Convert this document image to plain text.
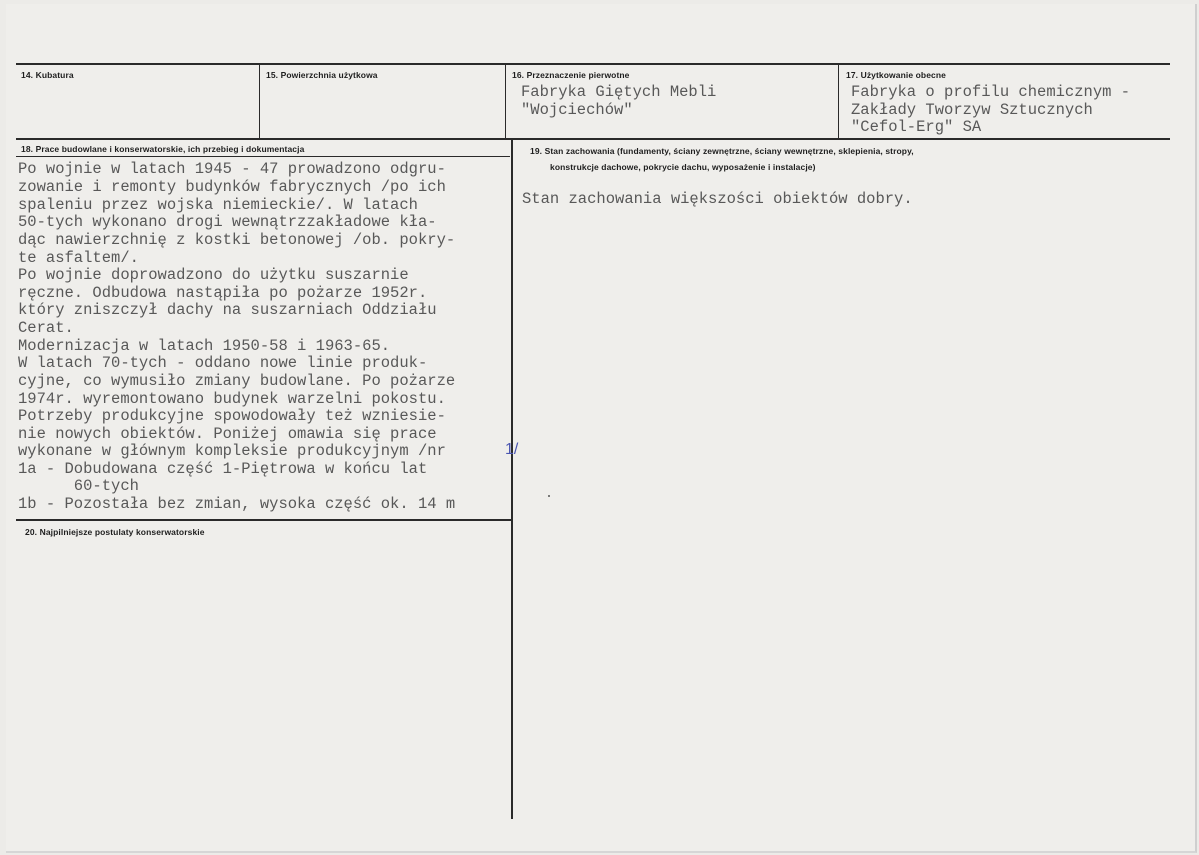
14. Kubatura	15. Powierzchnia użytkowa	16. Przeznaczenie pierwotne
Fabryka Giętych Mebli
"Wojciechów"
17. Użytkowanie obecne
Fabryka o profilu chemicznym -
Zakłady Tworzyw Sztucznych
"Cefol-Erg" SA
18. Prace budowlane i konserwatorskie, ich przebieg i dokumentacja
Po wojnie w latach 1945 - 47 prowadzono odgru-
zowanie i remonty budynków fabrycznych /po ich
spaleniu przez wojska niemieckie/. W latach
50-tych wykonano drogi wewnątrzzakładowe kła-
dąc nawierzchnię z kostki betonowej /ob. pokry-
te asfaltem/.
Po wojnie doprowadzono do użytku suszarnie
ręczne. Odbudowa nastąpiła po pożarze 1952r.
który zniszczył dachy na suszarniach Oddziału
Cerat.
Modernizacja w latach 1950-58 i 1963-65.
W latach 70-tych - oddano nowe linie produk-
cyjne, co wymusiło zmiany budowlane. Po pożarze
1974r. wyremontowano budynek warzelni pokostu.
Potrzeby produkcyjne spowodowały też wzniesie-
nie nowych obiektów. Poniżej omawia się prace
wykonane w głównym kompleksie produkcyjnym /nr
1a - Dobudowana część 1-Piętrowa w końcu lat
60-tych
1b - Pozostała bez zmian, wysoka część ok. 14 m
1/
19. Stan zachowania (fundamenty, ściany zewnętrzne, ściany wewnętrzne, sklepienia, stropy,
konstrukcje dachowe, pokrycie dachu, wyposażenie i instalacje)
Stan zachowania większości obiektów dobry.
20. Najpilniejsze postulaty konserwatorskie
